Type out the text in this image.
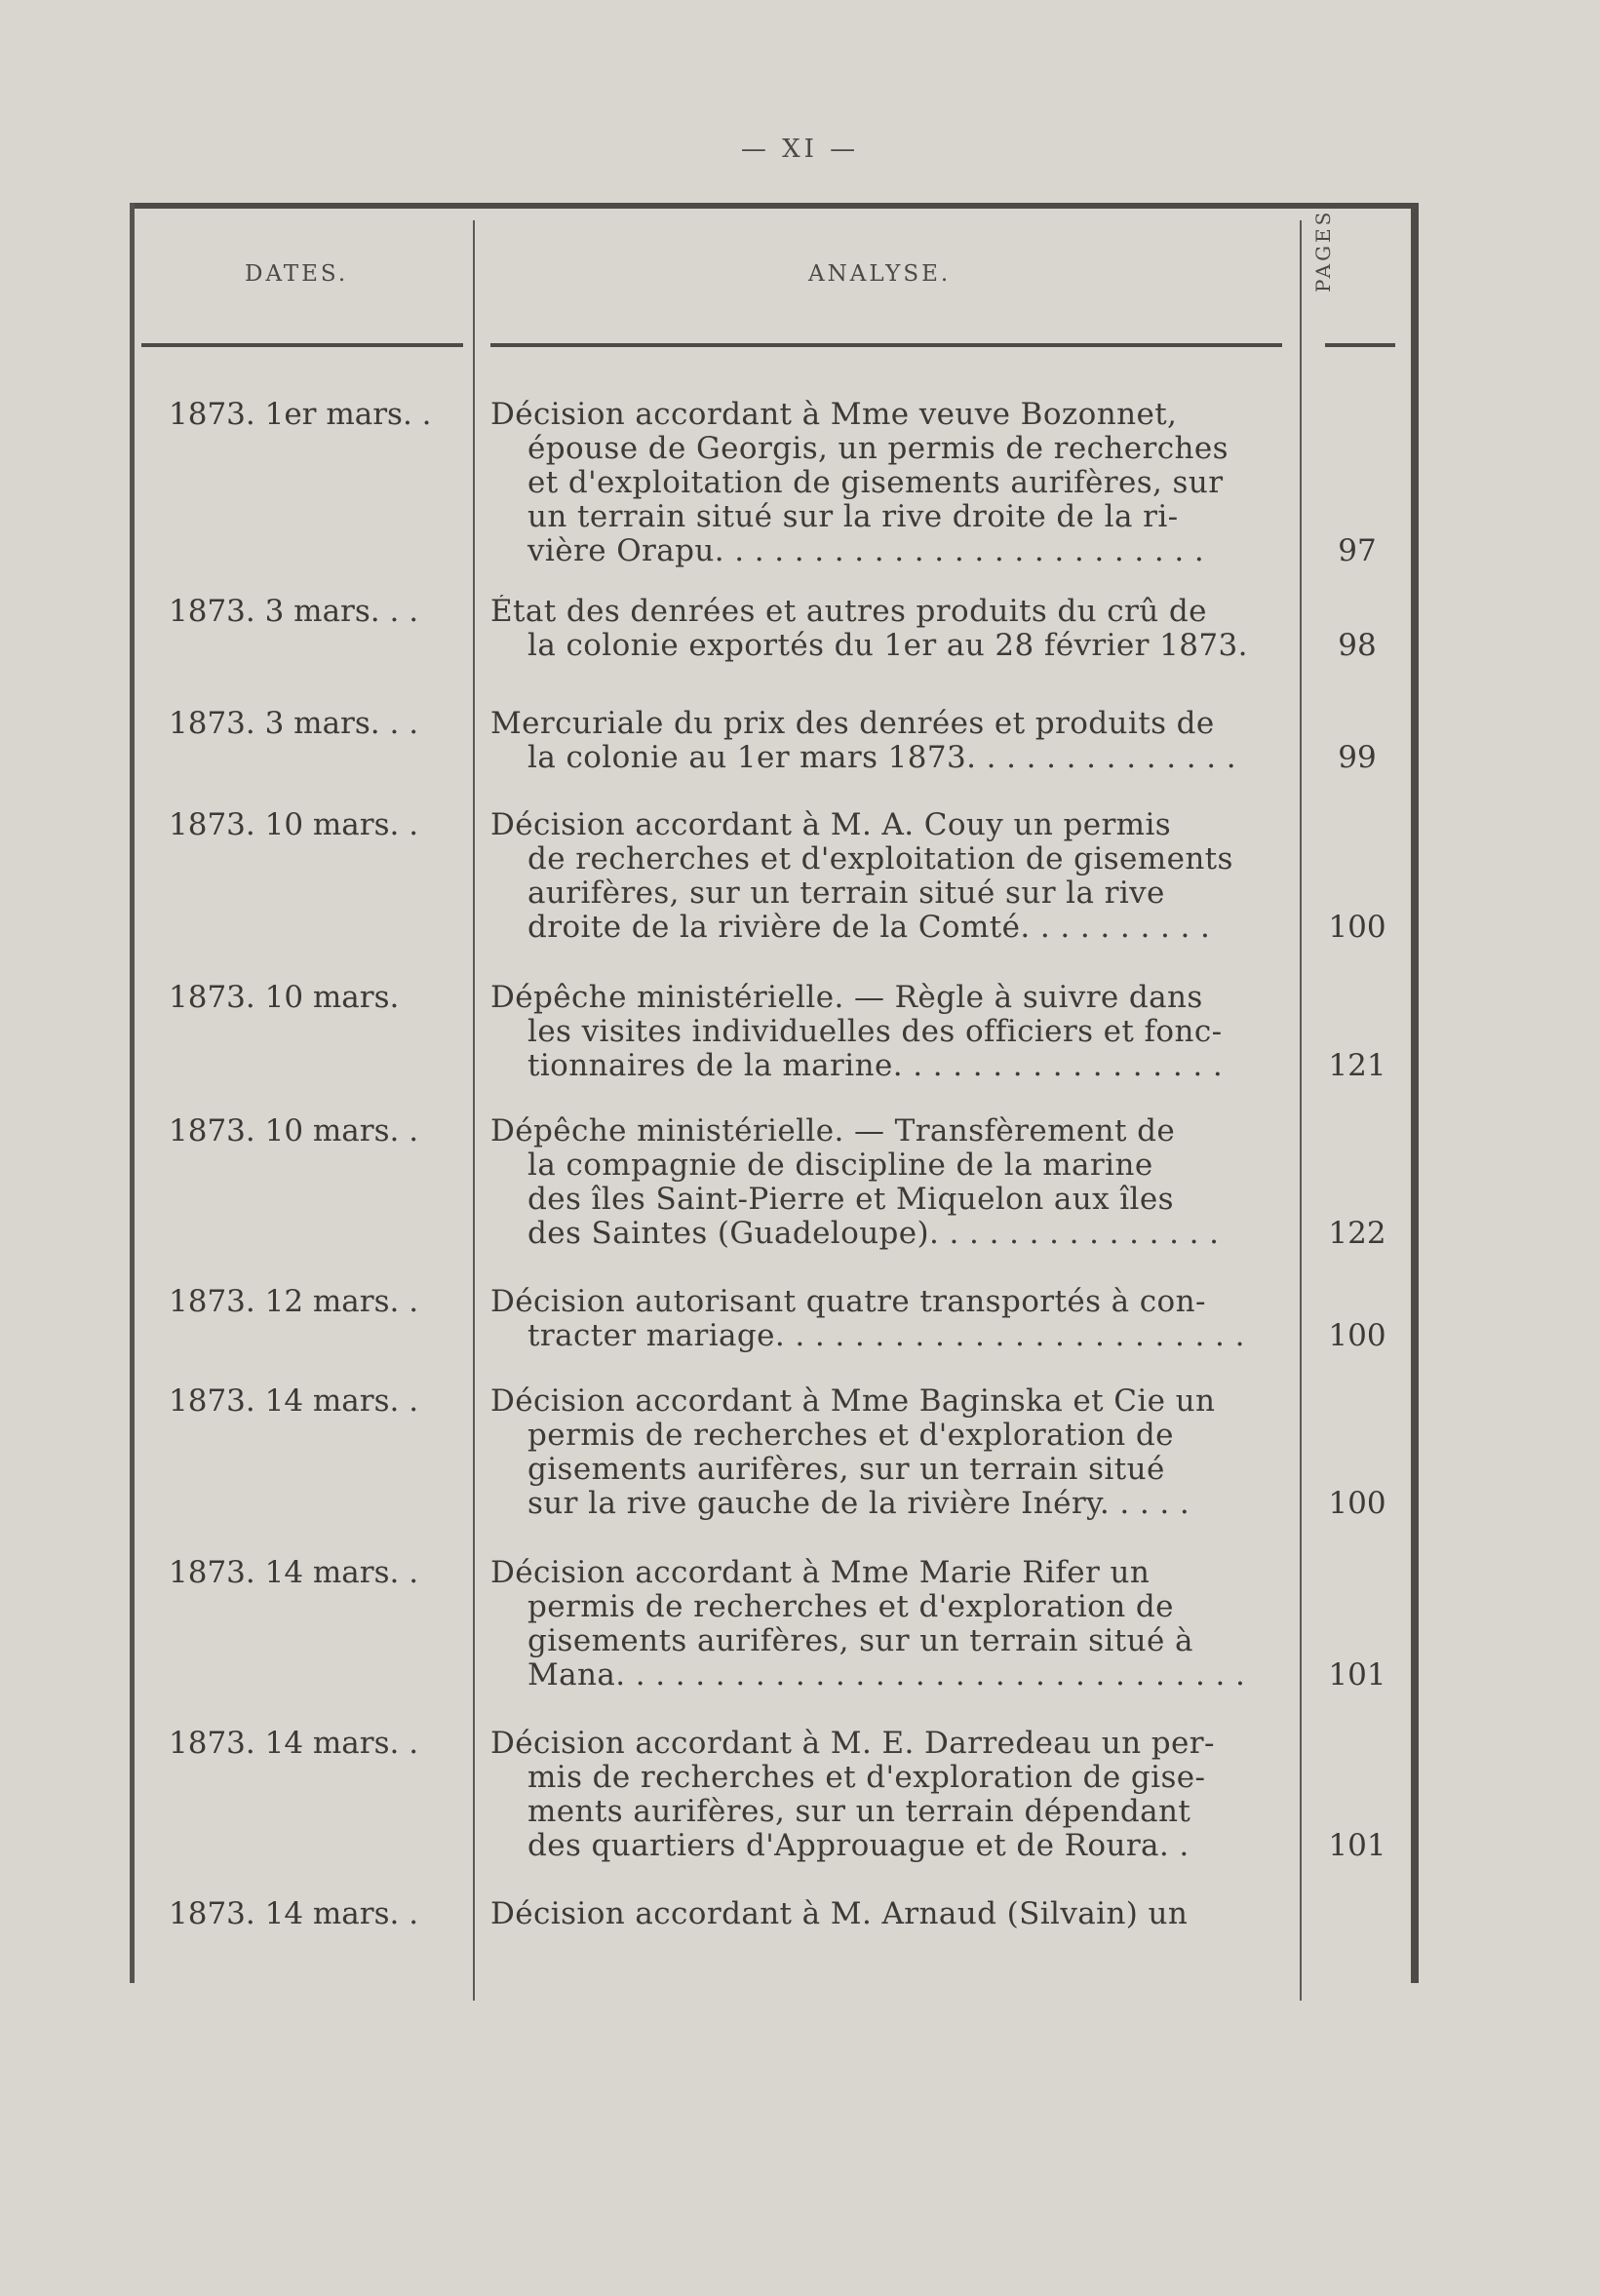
— XI —
DATES.	ANALYSE.	PAGES.
1873. 1er mars. .	Décision accordant à Mme veuve Bozonnet,
épouse de Georgis, un permis de recherches
et d'exploitation de gisements aurifères, sur
un terrain situé sur la rive droite de la ri-
vière Orapu. . . . . . . . . . . . . . . . . . . . . . . . .	97
1873. 3 mars. . .	État des denrées et autres produits du crû de
la colonie exportés du 1er au 28 février 1873.	98
1873. 3 mars. . .	Mercuriale du prix des denrées et produits de
la colonie au 1er mars 1873. . . . . . . . . . . . . .	99
1873. 10 mars. .	Décision accordant à M. A. Couy un permis
de recherches et d'exploitation de gisements
aurifères, sur un terrain situé sur la rive
droite de la rivière de la Comté. . . . . . . . . .	100
1873. 10 mars.	Dépêche ministérielle. — Règle à suivre dans
les visites individuelles des officiers et fonc-
tionnaires de la marine. . . . . . . . . . . . . . . . .	121
1873. 10 mars. .	Dépêche ministérielle. — Transfèrement de
la compagnie de discipline de la marine
des îles Saint-Pierre et Miquelon aux îles
des Saintes (Guadeloupe). . . . . . . . . . . . . . .	122
1873. 12 mars. .	Décision autorisant quatre transportés à con-
tracter mariage. . . . . . . . . . . . . . . . . . . . . . . .	100
1873. 14 mars. .	Décision accordant à Mme Baginska et Cie un
permis de recherches et d'exploration de
gisements aurifères, sur un terrain situé
sur la rive gauche de la rivière Inéry. . . . .	100
1873. 14 mars. .	Décision accordant à Mme Marie Rifer un
permis de recherches et d'exploration de
gisements aurifères, sur un terrain situé à
Mana. . . . . . . . . . . . . . . . . . . . . . . . . . . . . . . .	101
1873. 14 mars. .	Décision accordant à M. E. Darredeau un per-
mis de recherches et d'exploration de gise-
ments aurifères, sur un terrain dépendant
des quartiers d'Approuague et de Roura. .	101
1873. 14 mars. .	Décision accordant à M. Arnaud (Silvain) un
